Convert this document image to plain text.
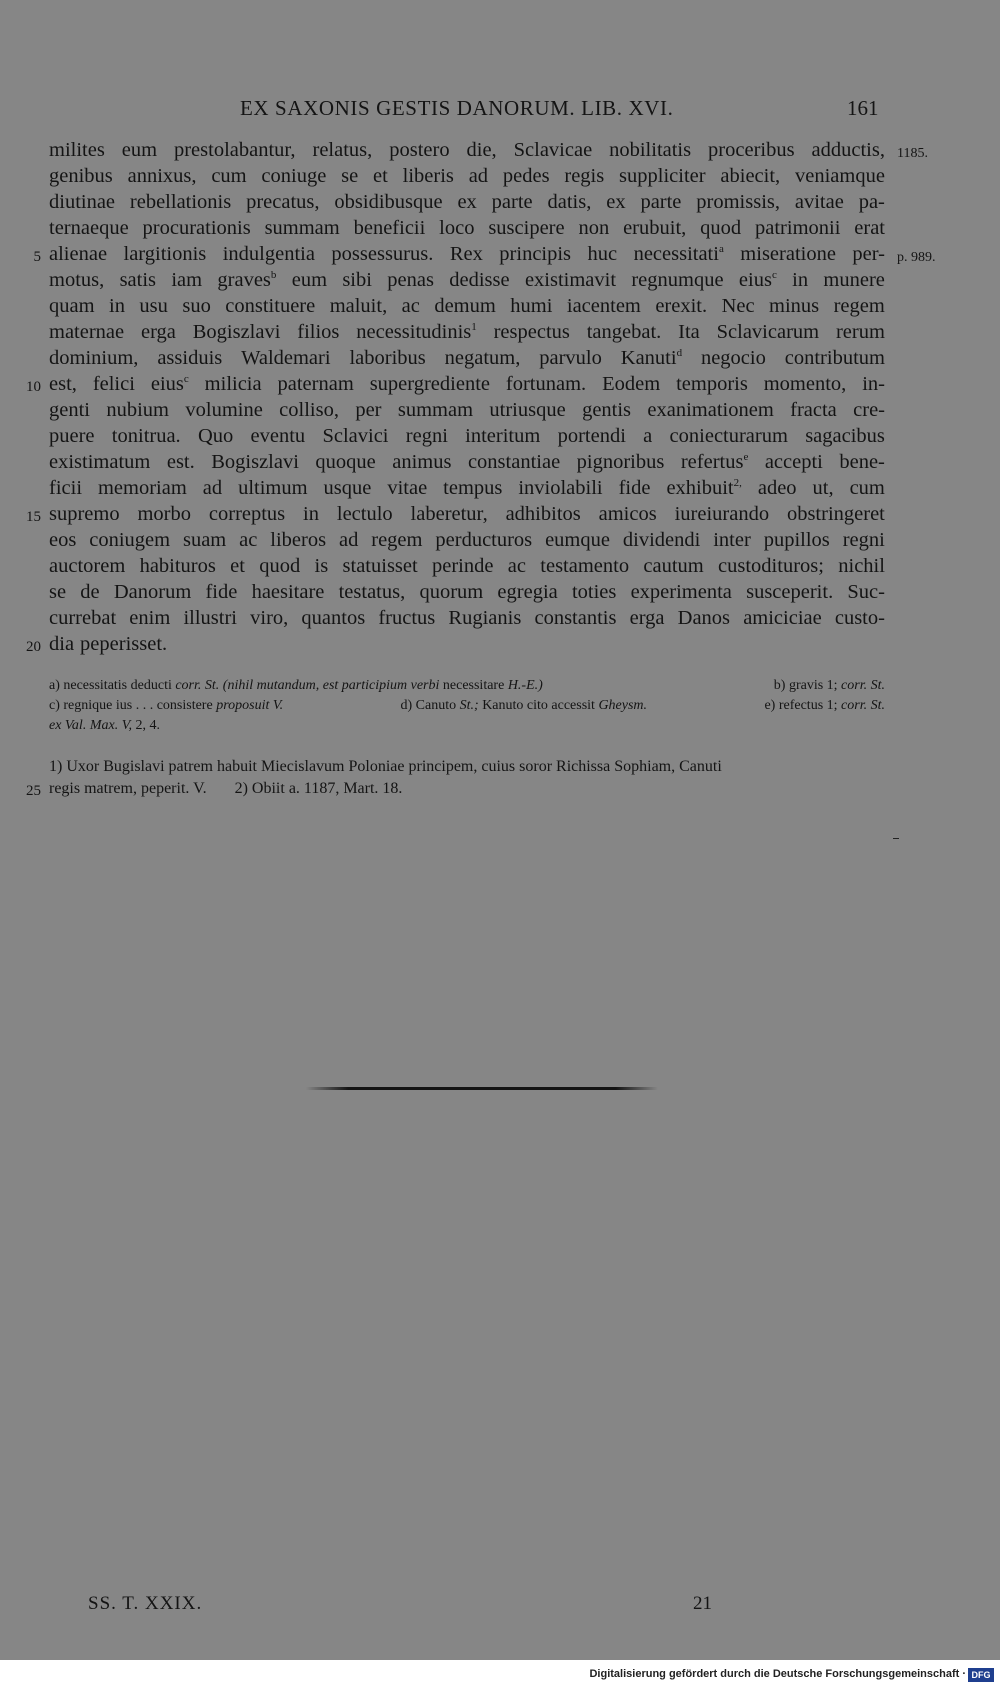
EX SAXONIS GESTIS DANORUM. LIB. XVI.	161
milites eum prestolabantur, relatus, postero die, Sclavicae nobilitatis proceribus adductis, 1185.
genibus annixus, cum coniuge se et liberis ad pedes regis suppliciter abiecit, veniamque
diutinae rebellationis precatus, obsidibusque ex parte datis, ex parte promissis, avitae pa-
ternaeque procurationis summam beneficii loco suscipere non erubuit, quod patrimonii erat
5 alienae largitionis indulgentia possessurus. Rex principis huc necessitati$^a$ miseratione per- p. 989.
motus, satis iam graves$^b$ eum sibi penas dedisse existimavit regnumque eius$^c$ in munere
quam in usu suo constituere maluit, ac demum humi iacentem erexit. Nec minus regem
maternae erga Bogiszlavi filios necessitudinis$^1$ respectus tangebat. Ita Sclavicarum rerum
dominium, assiduis Waldemari laboribus negatum, parvulo Kanuti$^d$ negocio contributum
10 est, felici eius$^c$ milicia paternam supergrediente fortunam. Eodem temporis momento, in-
genti nubium volumine colliso, per summam utriusque gentis exanimationem fracta cre-
puere tonitrua. Quo eventu Sclavici regni interitum portendi a coniecturarum sagacibus
existimatum est. Bogiszlavi quoque animus constantiae pignoribus refertus$^e$ accepti bene-
ficii memoriam ad ultimum usque vitae tempus inviolabili fide exhibuit$^{2,}$ adeo ut, cum
15 supremo morbo correptus in lectulo laberetur, adhibitos amicos iureiurando obstringeret
eos coniugem suam ac liberos ad regem perducturos eumque dividendi inter pupillos regni
auctorem habituros et quod is statuisset perinde ac testamento cautum custodituros; nichil
se de Danorum fide haesitare testatus, quorum egregia toties experimenta susceperit. Suc-
currebat enim illustri viro, quantos fructus Rugianis constantis erga Danos amiciciae custo-
20 dia peperisset.
a) necessitatis deducti corr. St. (nihil mutandum, est participium verbi necessitare H.-E.)	b) gravis 1; corr. St.
c) regnique ius . . . consistere proposuit V.	d) Canuto St.; Kanuto cito accessit Gheysm.	e) refectus 1; corr. St.
ex Val. Max. V, 2, 4.
1) Uxor Bugislavi patrem habuit Miecislavum Poloniae principem, cuius soror Richissa Sophiam, Canuti
25 regis matrem, peperit. V. 2) Obiit a. 1187, Mart. 18.
SS. T. XXIX.	21
Digitalisierung gefördert durch die Deutsche Forschungsgemeinschaft · DFG
